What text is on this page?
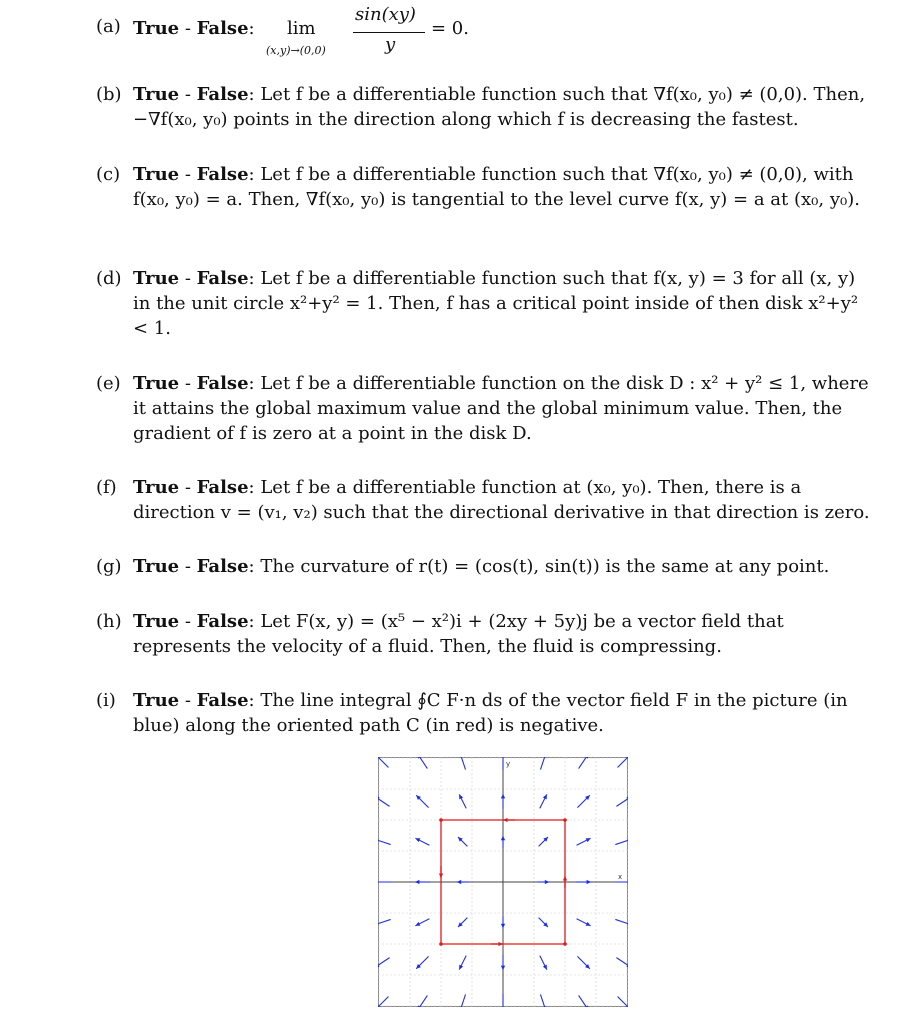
(a) True - False: lim
(x,y)→(0,0)
sin(xy)
y
= 0.
(b) True - False: Let f be a differentiable function such that ∇f(x₀, y₀) ≠ (0,0). Then, −∇f(x₀, y₀) points in the direction along which f is decreasing the fastest.
(c) True - False: Let f be a differentiable function such that ∇f(x₀, y₀) ≠ (0,0), with f(x₀, y₀) = a. Then, ∇f(x₀, y₀) is tangential to the level curve f(x, y) = a at (x₀, y₀).
(d) True - False: Let f be a differentiable function such that f(x, y) = 3 for all (x, y) in the unit circle x²+y² = 1. Then, f has a critical point inside of then disk x²+y² < 1.
(e) True - False: Let f be a differentiable function on the disk D : x² + y² ≤ 1, where it attains the global maximum value and the global minimum value. Then, the gradient of f is zero at a point in the disk D.
(f) True - False: Let f be a differentiable function at (x₀, y₀). Then, there is a direction v = (v₁, v₂) such that the directional derivative in that direction is zero.
(g) True - False: The curvature of r(t) = (cos(t), sin(t)) is the same at any point.
(h) True - False: Let F(x, y) = (x⁵ − x²)i + (2xy + 5y)j be a vector field that represents the velocity of a fluid. Then, the fluid is compressing.
(i) True - False: The line integral ∮C F·n ds of the vector field F in the picture (in blue) along the oriented path C (in red) is negative.
x
y
